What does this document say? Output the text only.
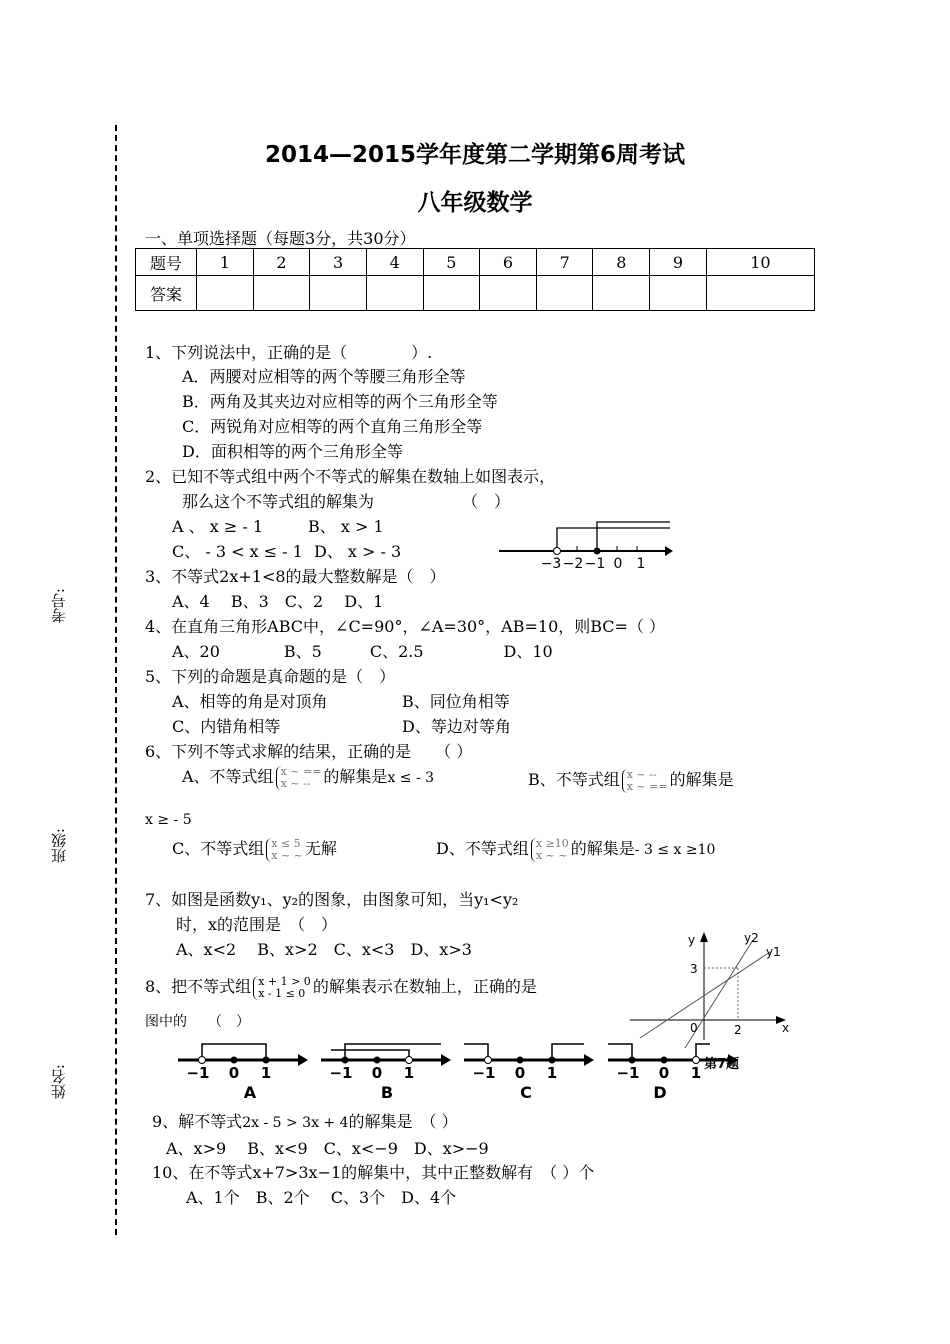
考号:
班级:
姓名:
2014—2015学年度第二学期第6周考试
八年级数学
一、单项选择题（每题3分，共30分）
题号	1	2	3	4	5	6	7	8	9	10
答案										
1、下列说法中，正确的是（　　　　）.
A．两腰对应相等的两个等腰三角形全等
B．两角及其夹边对应相等的两个三角形全等
C．两锐角对应相等的两个直角三角形全等
D．面积相等的两个三角形全等
2、已知不等式组中两个不等式的解集在数轴上如图表示，
那么这个不等式组的解集为　　　　　　（　）
A 、 x ≥ - 1	B、 x > 1
C、 - 3 < x ≤ - 1 D、 x > - 3
−3 −2 −1 0 1
3、不等式2x+1<8的最大整数解是（　）
A、4　 B、3　C、2　 D、1
4、在直角三角形ABC中，∠C=90°，∠A=30°，AB=10，则BC=（ ）
A、20　　　　B、5　　　C、2.5　　　　　D、10
5、下列的命题是真命题的是（　）
A、相等的角是对顶角	B、同位角相等
C、内错角相等	D、等边对等角
6、下列不等式求解的结果，正确的是　　（ ）
A、不等式组 x ~ ==
x ~ -- 的解集是x ≤ - 3	B、不等式组 x ~ --
x ~ == 的解集是
x ≥ - 5
C、不等式组 x ≤ 5
x ~ ~ 无解	D、不等式组 x ≥10
x ~ ~ 的解集是- 3 ≤ x ≥10
7、如图是函数y₁、y₂的图象，由图象可知，当y₁<y₂
时，x的范围是　（　）
A、x<2　 B、x>2　C、x<3　D、x>3	y
x
y2
y1
3
0	2
8、把不等式组 x + 1 > 0
x - 1 ≤ 0 的解集表示在数轴上，正确的是
图中的　　（　）
−1 0 1
A
−1 0 1
B
−1 0 1
C
−1 0 1
D
第7题
9、解不等式2x - 5 > 3x + 4的解集是　（ ）
A、x>9　 B、x<9　C、x<−9　D、x>−9
10、在不等式x+7>3x−1的解集中，其中正整数解有　（ ）个
A、1个　B、2个　 C、3个　D、4个
